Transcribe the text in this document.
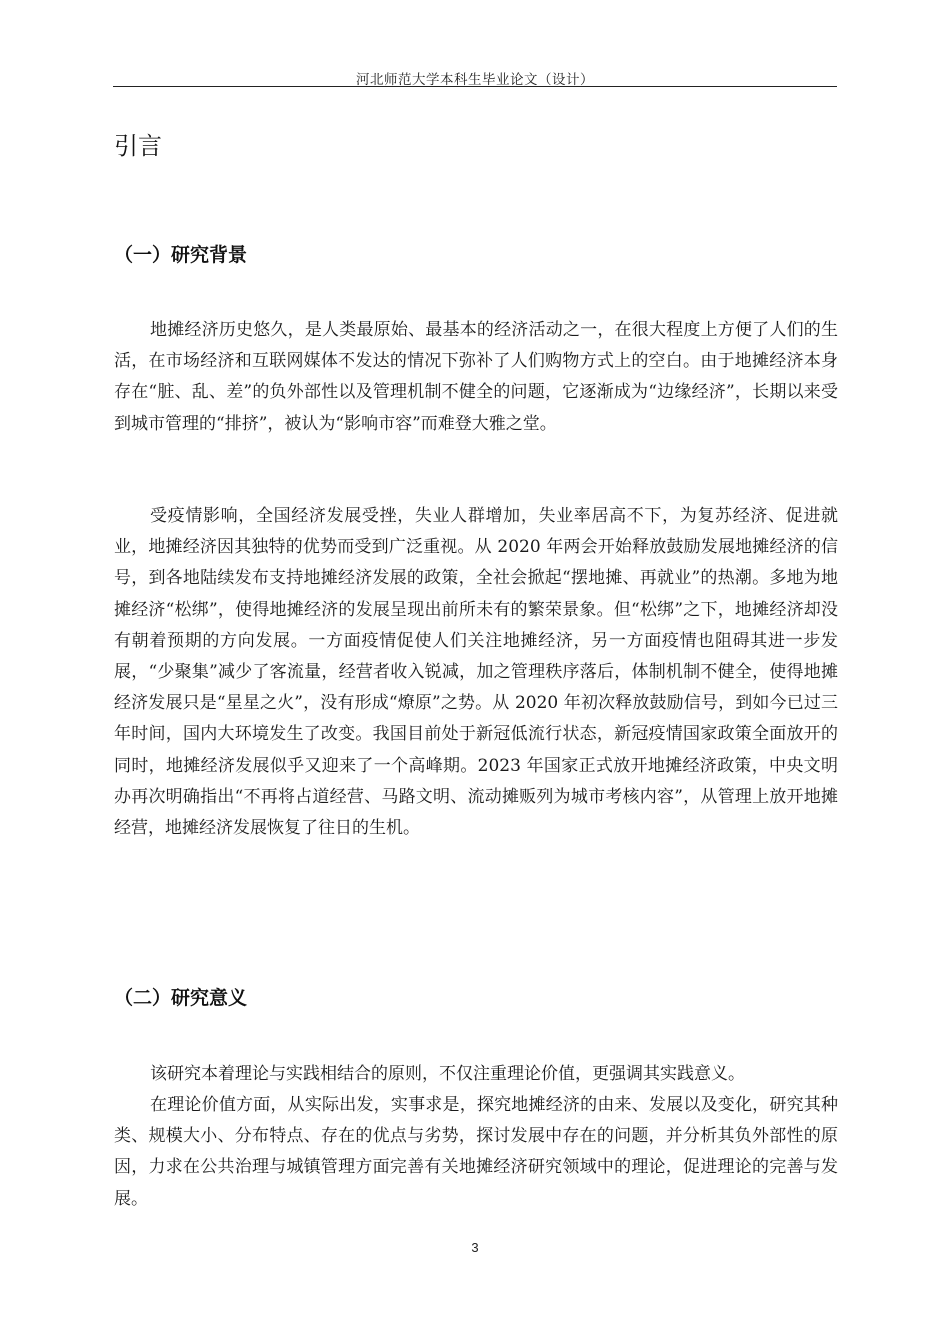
河北师范大学本科生毕业论文（设计）
引言
（一）研究背景

地摊经济历史悠久，是人类最原始、最基本的经济活动之一，在很大程度上方便了人们的生活，在市场经济和互联网媒体不发达的情况下弥补了人们购物方式上的空白。由于地摊经济本身存在“脏、乱、差”的负外部性以及管理机制不健全的问题，它逐渐成为“边缘经济”，长期以来受到城市管理的“排挤”，被认为“影响市容”而难登大雅之堂。

受疫情影响，全国经济发展受挫，失业人群增加，失业率居高不下，为复苏经济、促进就业，地摊经济因其独特的优势而受到广泛重视。从 2020 年两会开始释放鼓励发展地摊经济的信号，到各地陆续发布支持地摊经济发展的政策，全社会掀起“摆地摊、再就业”的热潮。多地为地摊经济“松绑”，使得地摊经济的发展呈现出前所未有的繁荣景象。但“松绑”之下，地摊经济却没有朝着预期的方向发展。一方面疫情促使人们关注地摊经济，另一方面疫情也阻碍其进一步发展，“少聚集”减少了客流量，经营者收入锐减，加之管理秩序落后，体制机制不健全，使得地摊经济发展只是“星星之火”，没有形成“燎原”之势。从 2020 年初次释放鼓励信号，到如今已过三年时间，国内大环境发生了改变。我国目前处于新冠低流行状态，新冠疫情国家政策全面放开的同时，地摊经济发展似乎又迎来了一个高峰期。2023 年国家正式放开地摊经济政策，中央文明办再次明确指出“不再将占道经营、马路文明、流动摊贩列为城市考核内容”，从管理上放开地摊经营，地摊经济发展恢复了往日的生机。

（二）研究意义

该研究本着理论与实践相结合的原则，不仅注重理论价值，更强调其实践意义。

在理论价值方面，从实际出发，实事求是，探究地摊经济的由来、发展以及变化，研究其种类、规模大小、分布特点、存在的优点与劣势，探讨发展中存在的问题，并分析其负外部性的原因，力求在公共治理与城镇管理方面完善有关地摊经济研究领域中的理论，促进理论的完善与发展。

3
